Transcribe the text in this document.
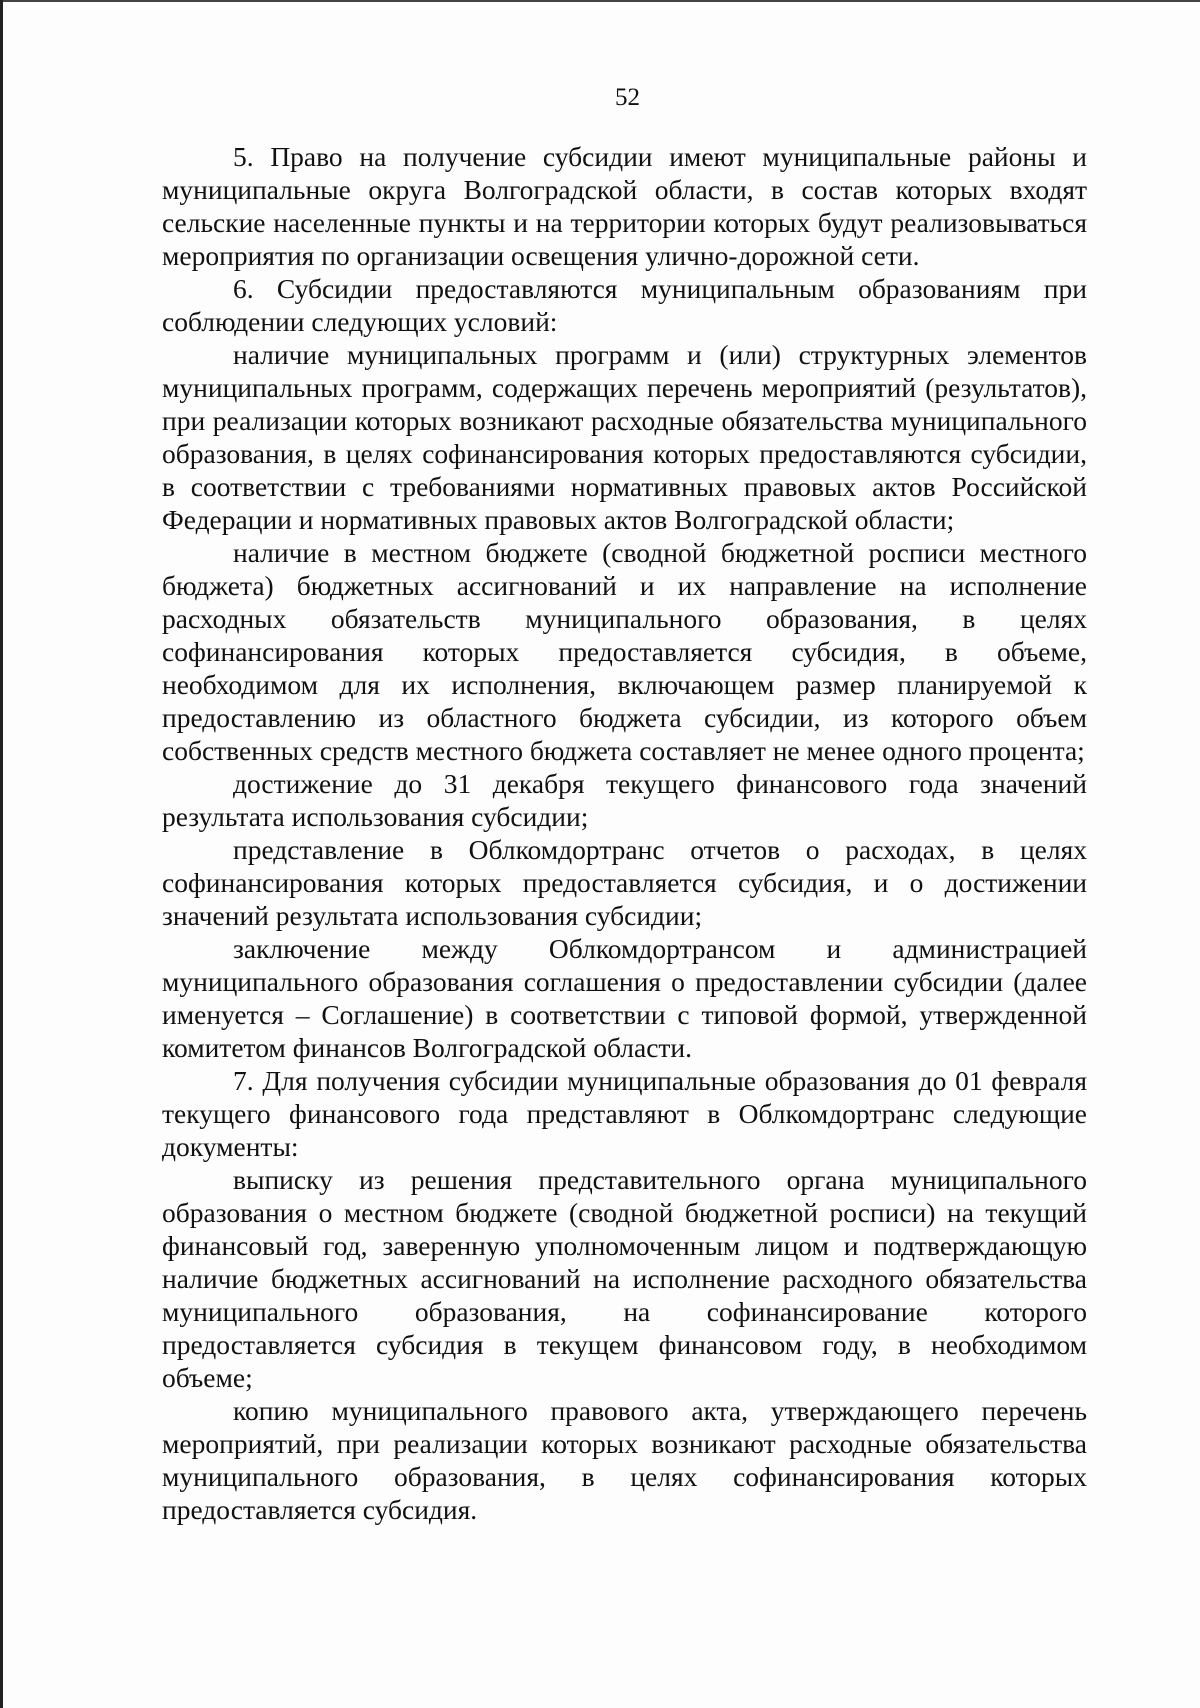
52

5. Право на получение субсидии имеют муниципальные районы и муниципальные округа Волгоградской области, в состав которых входят сельские населенные пункты и на территории которых будут реализовываться мероприятия по организации освещения улично-дорожной сети.

6. Субсидии предоставляются муниципальным образованиям при соблюдении следующих условий:

наличие муниципальных программ и (или) структурных элементов муниципальных программ, содержащих перечень мероприятий (результатов), при реализации которых возникают расходные обязательства муниципального образования, в целях софинансирования которых предоставляются субсидии, в соответствии с требованиями нормативных правовых актов Российской Федерации и нормативных правовых актов Волгоградской области;

наличие в местном бюджете (сводной бюджетной росписи местного бюджета) бюджетных ассигнований и их направление на исполнение расходных обязательств муниципального образования, в целях софинансирования которых предоставляется субсидия, в объеме, необходимом для их исполнения, включающем размер планируемой к предоставлению из областного бюджета субсидии, из которого объем собственных средств местного бюджета составляет не менее одного процента;

достижение до 31 декабря текущего финансового года значений результата использования субсидии;

представление в Облкомдортранс отчетов о расходах, в целях софинансирования которых предоставляется субсидия, и о достижении значений результата использования субсидии;

заключение между Облкомдортрансом и администрацией муниципального образования соглашения о предоставлении субсидии (далее именуется – Соглашение) в соответствии с типовой формой, утвержденной комитетом финансов Волгоградской области.

7. Для получения субсидии муниципальные образования до 01 февраля текущего финансового года представляют в Облкомдортранс следующие документы:

выписку из решения представительного органа муниципального образования о местном бюджете (сводной бюджетной росписи) на текущий финансовый год, заверенную уполномоченным лицом и подтверждающую наличие бюджетных ассигнований на исполнение расходного обязательства муниципального образования, на софинансирование которого предоставляется субсидия в текущем финансовом году, в необходимом объеме;

копию муниципального правового акта, утверждающего перечень мероприятий, при реализации которых возникают расходные обязательства муниципального образования, в целях софинансирования которых предоставляется субсидия.
